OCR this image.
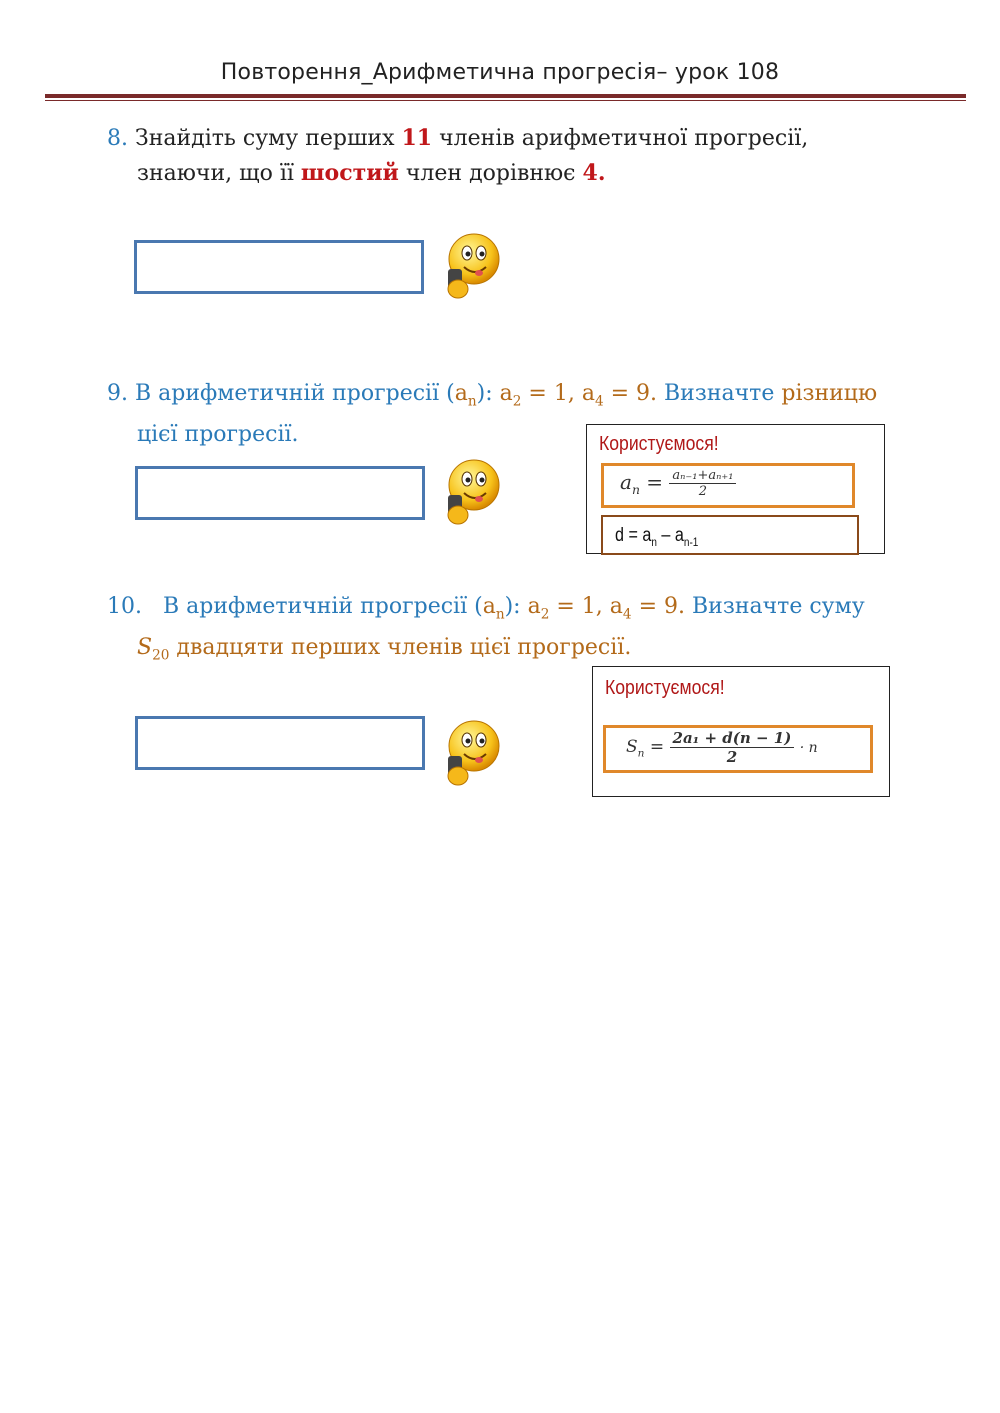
Повторення_Арифметична прогресія– урок 108
8. Знайдіть суму перших 11 членів арифметичної прогресії,
знаючи, що її шостий член дорівнює 4.
9. В арифметичній прогресії $(a_n)$: $a_2 = 1$, $a_4 = 9$. Визначте різницю
цієї прогресії.	Користуємося!
$a_n = \frac{\text{aₙ₋₁+aₙ₊₁}}{2}$
$d = a_n - a_{n-1}$
10. В арифметичній прогресії $(a_n)$: $a_2 = 1$, $a_4 = 9$. Визначте суму
$S_{20}$ двадцяти перших членів цієї прогресії.
Користуємося!
$S_n = \frac{\text{2a₁ + d(n − 1)}}{2} \cdot n$
